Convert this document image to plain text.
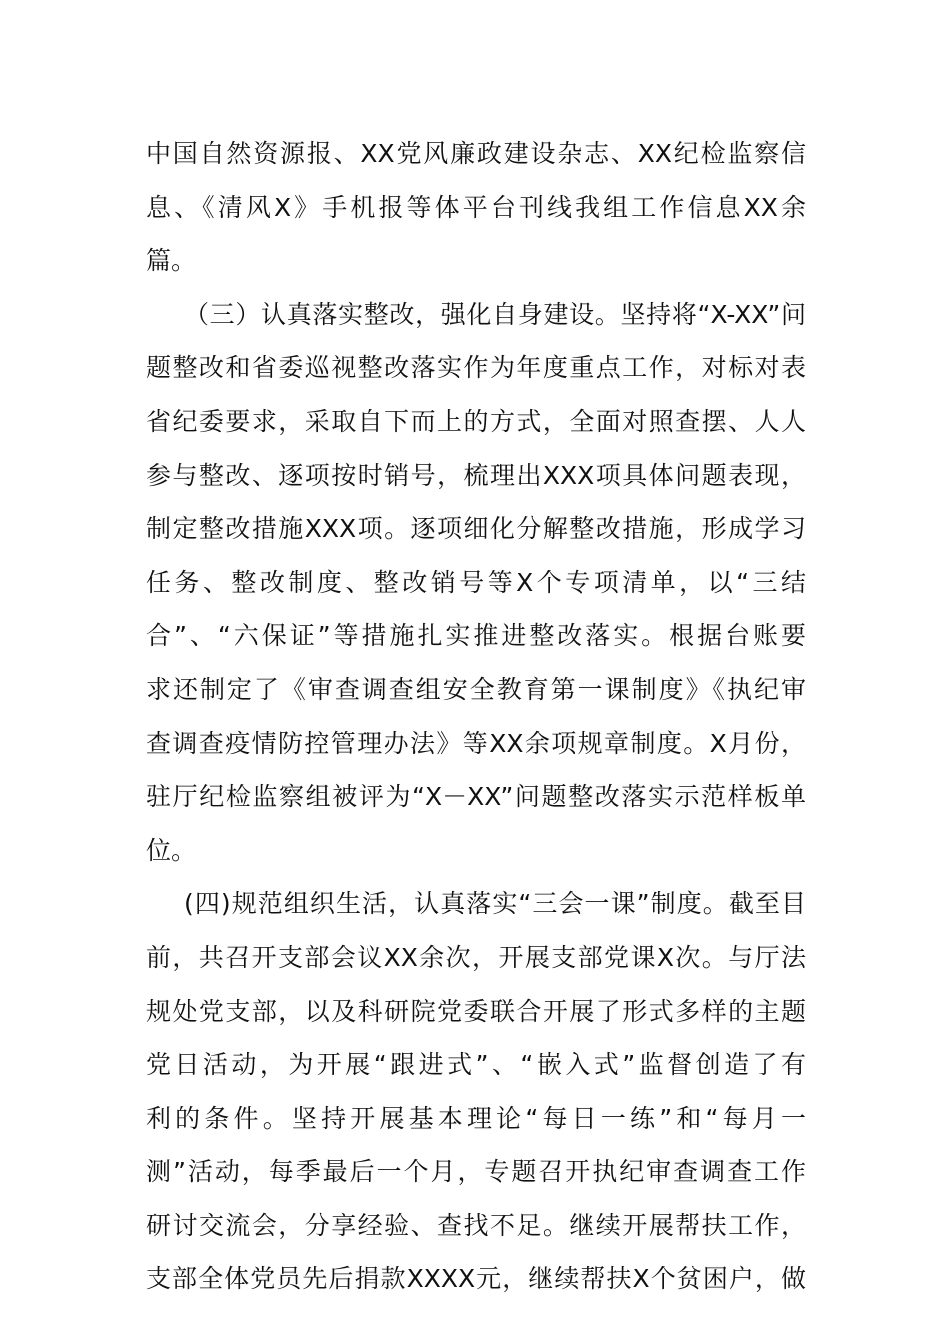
中国自然资源报、XX党风廉政建设杂志、XX纪检监察信
息、《清风X》手机报等体平台刊线我组工作信息XX余
篇。
（三）认真落实整改，强化自身建设。坚持将“X-XX”问
题整改和省委巡视整改落实作为年度重点工作，对标对表
省纪委要求，采取自下而上的方式，全面对照查摆、人人
参与整改、逐项按时销号，梳理出XXX项具体问题表现，
制定整改措施XXX项。逐项细化分解整改措施，形成学习
任务、整改制度、整改销号等X个专项清单，以“三结
合”、“六保证”等措施扎实推进整改落实。根据台账要
求还制定了《审查调查组安全教育第一课制度》《执纪审
查调查疫情防控管理办法》等XX余项规章制度。X月份，
驻厅纪检监察组被评为“X－XX”问题整改落实示范样板单
位。
(四)规范组织生活，认真落实“三会一课”制度。截至目
前，共召开支部会议XX余次，开展支部党课X次。与厅法
规处党支部，以及科研院党委联合开展了形式多样的主题
党日活动，为开展“跟进式”、“嵌入式”监督创造了有
利的条件。坚持开展基本理论“每日一练”和“每月一
测”活动，每季最后一个月，专题召开执纪审查调查工作
研讨交流会，分享经验、查找不足。继续开展帮扶工作，
支部全体党员先后捐款XXXX元，继续帮扶X个贫困户，做
